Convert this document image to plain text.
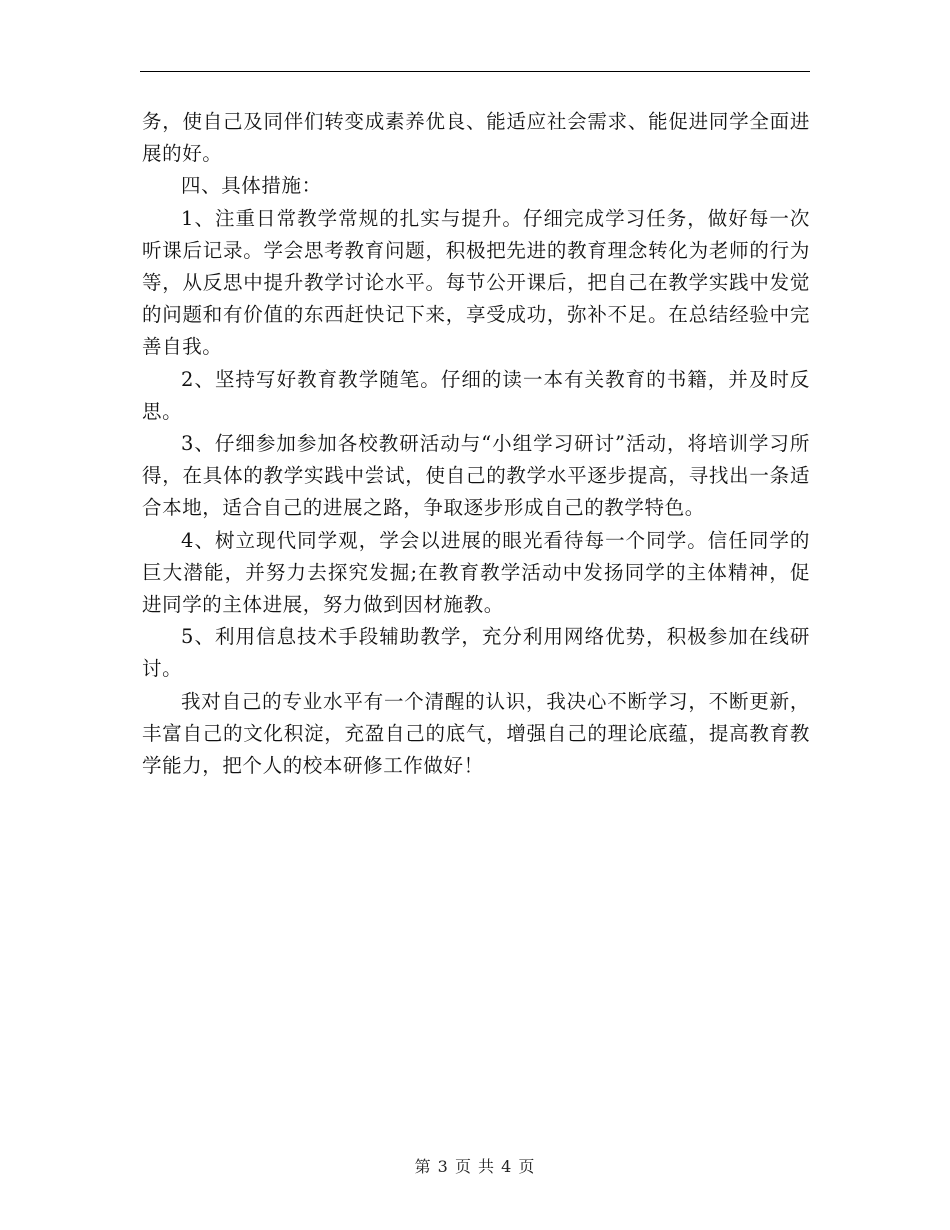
务，使自己及同伴们转变成素养优良、能适应社会需求、能促进同学全面进展的好。

四、具体措施：

1、注重日常教学常规的扎实与提升。仔细完成学习任务，做好每一次听课后记录。学会思考教育问题，积极把先进的教育理念转化为老师的行为等，从反思中提升教学讨论水平。每节公开课后，把自己在教学实践中发觉的问题和有价值的东西赶快记下来，享受成功，弥补不足。在总结经验中完善自我。

2、坚持写好教育教学随笔。仔细的读一本有关教育的书籍，并及时反思。

3、仔细参加参加各校教研活动与“小组学习研讨”活动，将培训学习所得，在具体的教学实践中尝试，使自己的教学水平逐步提高，寻找出一条适合本地，适合自己的进展之路，争取逐步形成自己的教学特色。

4、树立现代同学观，学会以进展的眼光看待每一个同学。信任同学的巨大潜能，并努力去探究发掘;在教育教学活动中发扬同学的主体精神，促进同学的主体进展，努力做到因材施教。

5、利用信息技术手段辅助教学，充分利用网络优势，积极参加在线研讨。

我对自己的专业水平有一个清醒的认识，我决心不断学习，不断更新，丰富自己的文化积淀，充盈自己的底气，增强自己的理论底蕴，提高教育教学能力，把个人的校本研修工作做好！

第 3 页 共 4 页
